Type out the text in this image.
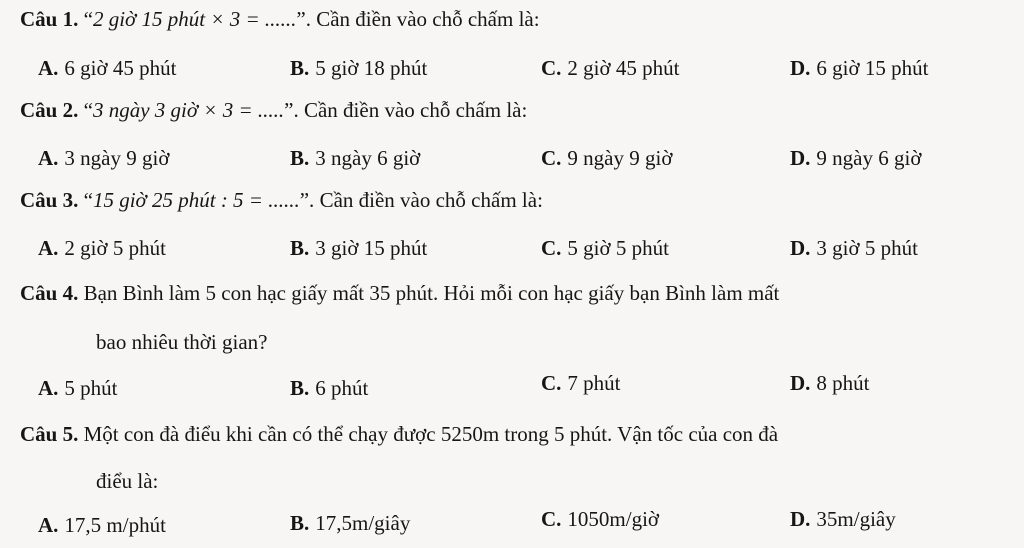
Câu 1. “2 giờ 15 phút × 3 = ......”. Cần điền vào chỗ chấm là:
A. 6 giờ 45 phút	B. 5 giờ 18 phút	C. 2 giờ 45 phút	D. 6 giờ 15 phút
Câu 2. “3 ngày 3 giờ × 3 = .....”. Cần điền vào chỗ chấm là:
A. 3 ngày 9 giờ	B. 3 ngày 6 giờ	C. 9 ngày 9 giờ	D. 9 ngày 6 giờ
Câu 3. “15 giờ 25 phút : 5 = ......”. Cần điền vào chỗ chấm là:
A. 2 giờ 5 phút	B. 3 giờ 15 phút	C. 5 giờ 5 phút	D. 3 giờ 5 phút
Câu 4. Bạn Bình làm 5 con hạc giấy mất 35 phút. Hỏi mỗi con hạc giấy bạn Bình làm mất
bao nhiêu thời gian?
A. 5 phút	B. 6 phút	C. 7 phút	D. 8 phút
Câu 5. Một con đà điểu khi cần có thể chạy được 5250m trong 5 phút. Vận tốc của con đà
điểu là:
A. 17,5 m/phút	B. 17,5m/giây	C. 1050m/giờ	D. 35m/giây
